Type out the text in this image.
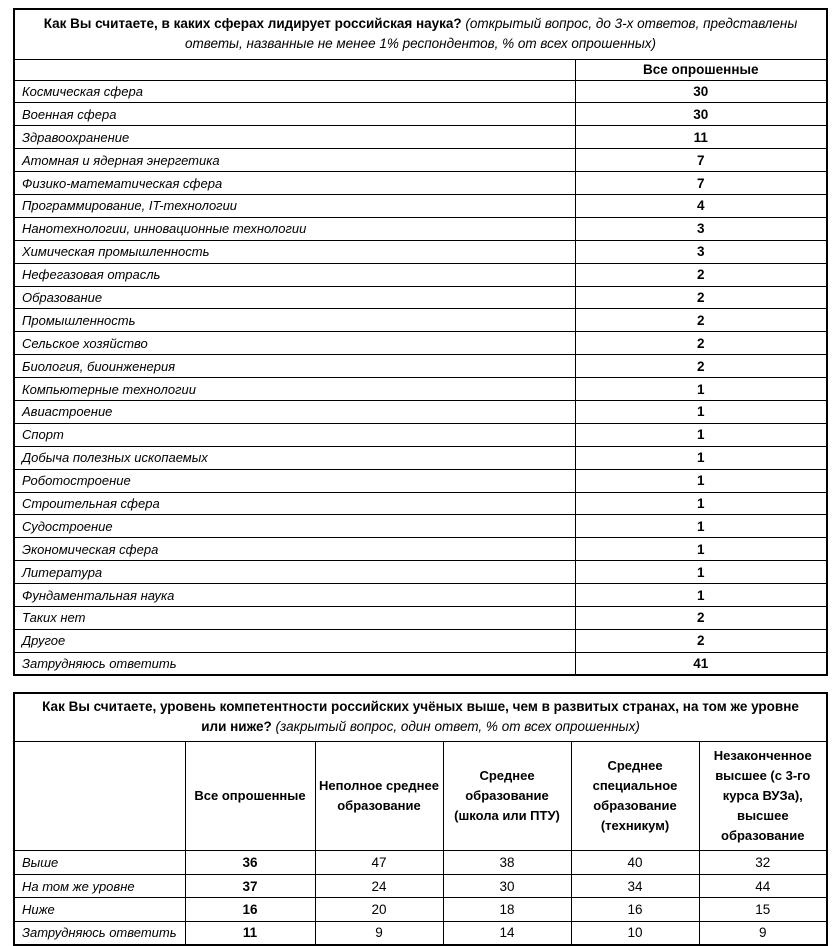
Как Вы считаете, в каких сферах лидирует российская наука? (открытый вопрос, до 3-х ответов, представлены ответы, названные не менее 1% респондентов, % от всех опрошенных)	
	Все опрошенные
Космическая сфера	30
Военная сфера	30
Здравоохранение	11
Атомная и ядерная энергетика	7
Физико-математическая сфера	7
Программирование, IT-технологии	4
Нанотехнологии, инновационные технологии	3
Химическая промышленность	3
Нефегазовая отрасль	2
Образование	2
Промышленность	2
Сельское хозяйство	2
Биология, биоинженерия	2
Компьютерные технологии	1
Авиастроение	1
Спорт	1
Добыча полезных ископаемых	1
Роботостроение	1
Строительная сфера	1
Судостроение	1
Экономическая сфера	1
Литература	1
Фундаментальная наука	1
Таких нет	2
Другое	2
Затрудняюсь ответить	41
Как Вы считаете, уровень компетентности российских учёных выше, чем в развитых странах, на том же уровне или ниже? (закрытый вопрос, один ответ, % от всех опрошенных)					
	Все опрошенные	Неполное среднее образование	Среднее образование (школа или ПТУ)	Среднее специальное образование (техникум)	Незаконченное высшее (с 3-го курса ВУЗа), высшее образование
Выше	36	47	38	40	32
На том же уровне	37	24	30	34	44
Ниже	16	20	18	16	15
Затрудняюсь ответить	11	9	14	10	9
